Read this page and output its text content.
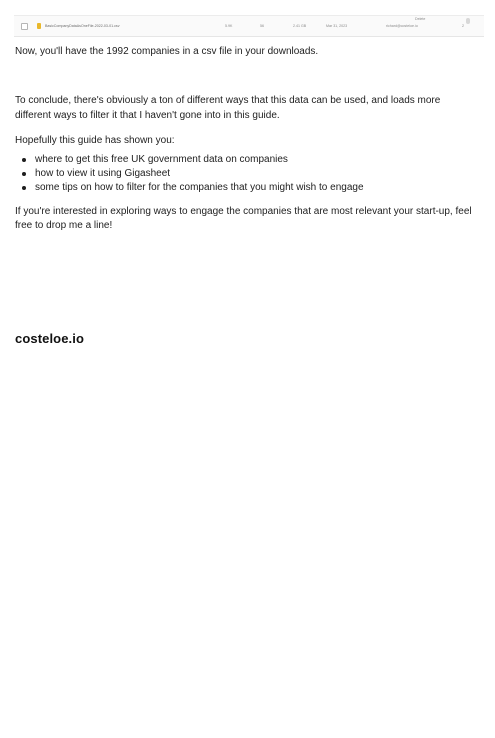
BasicCompanyDataAsOneFile-2022-03-01.csv	5.9K	56	2.41 GB	Mar 31, 2023	richard@costeloe.io	2
Delete

Now, you'll have the 1992 companies in a csv file in your downloads.

To conclude, there's obviously a ton of different ways that this data can be used, and loads more different ways to filter it that I haven't gone into in this guide.

Hopefully this guide has shown you:

where to get this free UK government data on companies
how to view it using Gigasheet
some tips on how to filter for the companies that you might wish to engage

If you're interested in exploring ways to engage the companies that are most relevant your start-up, feel free to drop me a line!

costeloe.io
